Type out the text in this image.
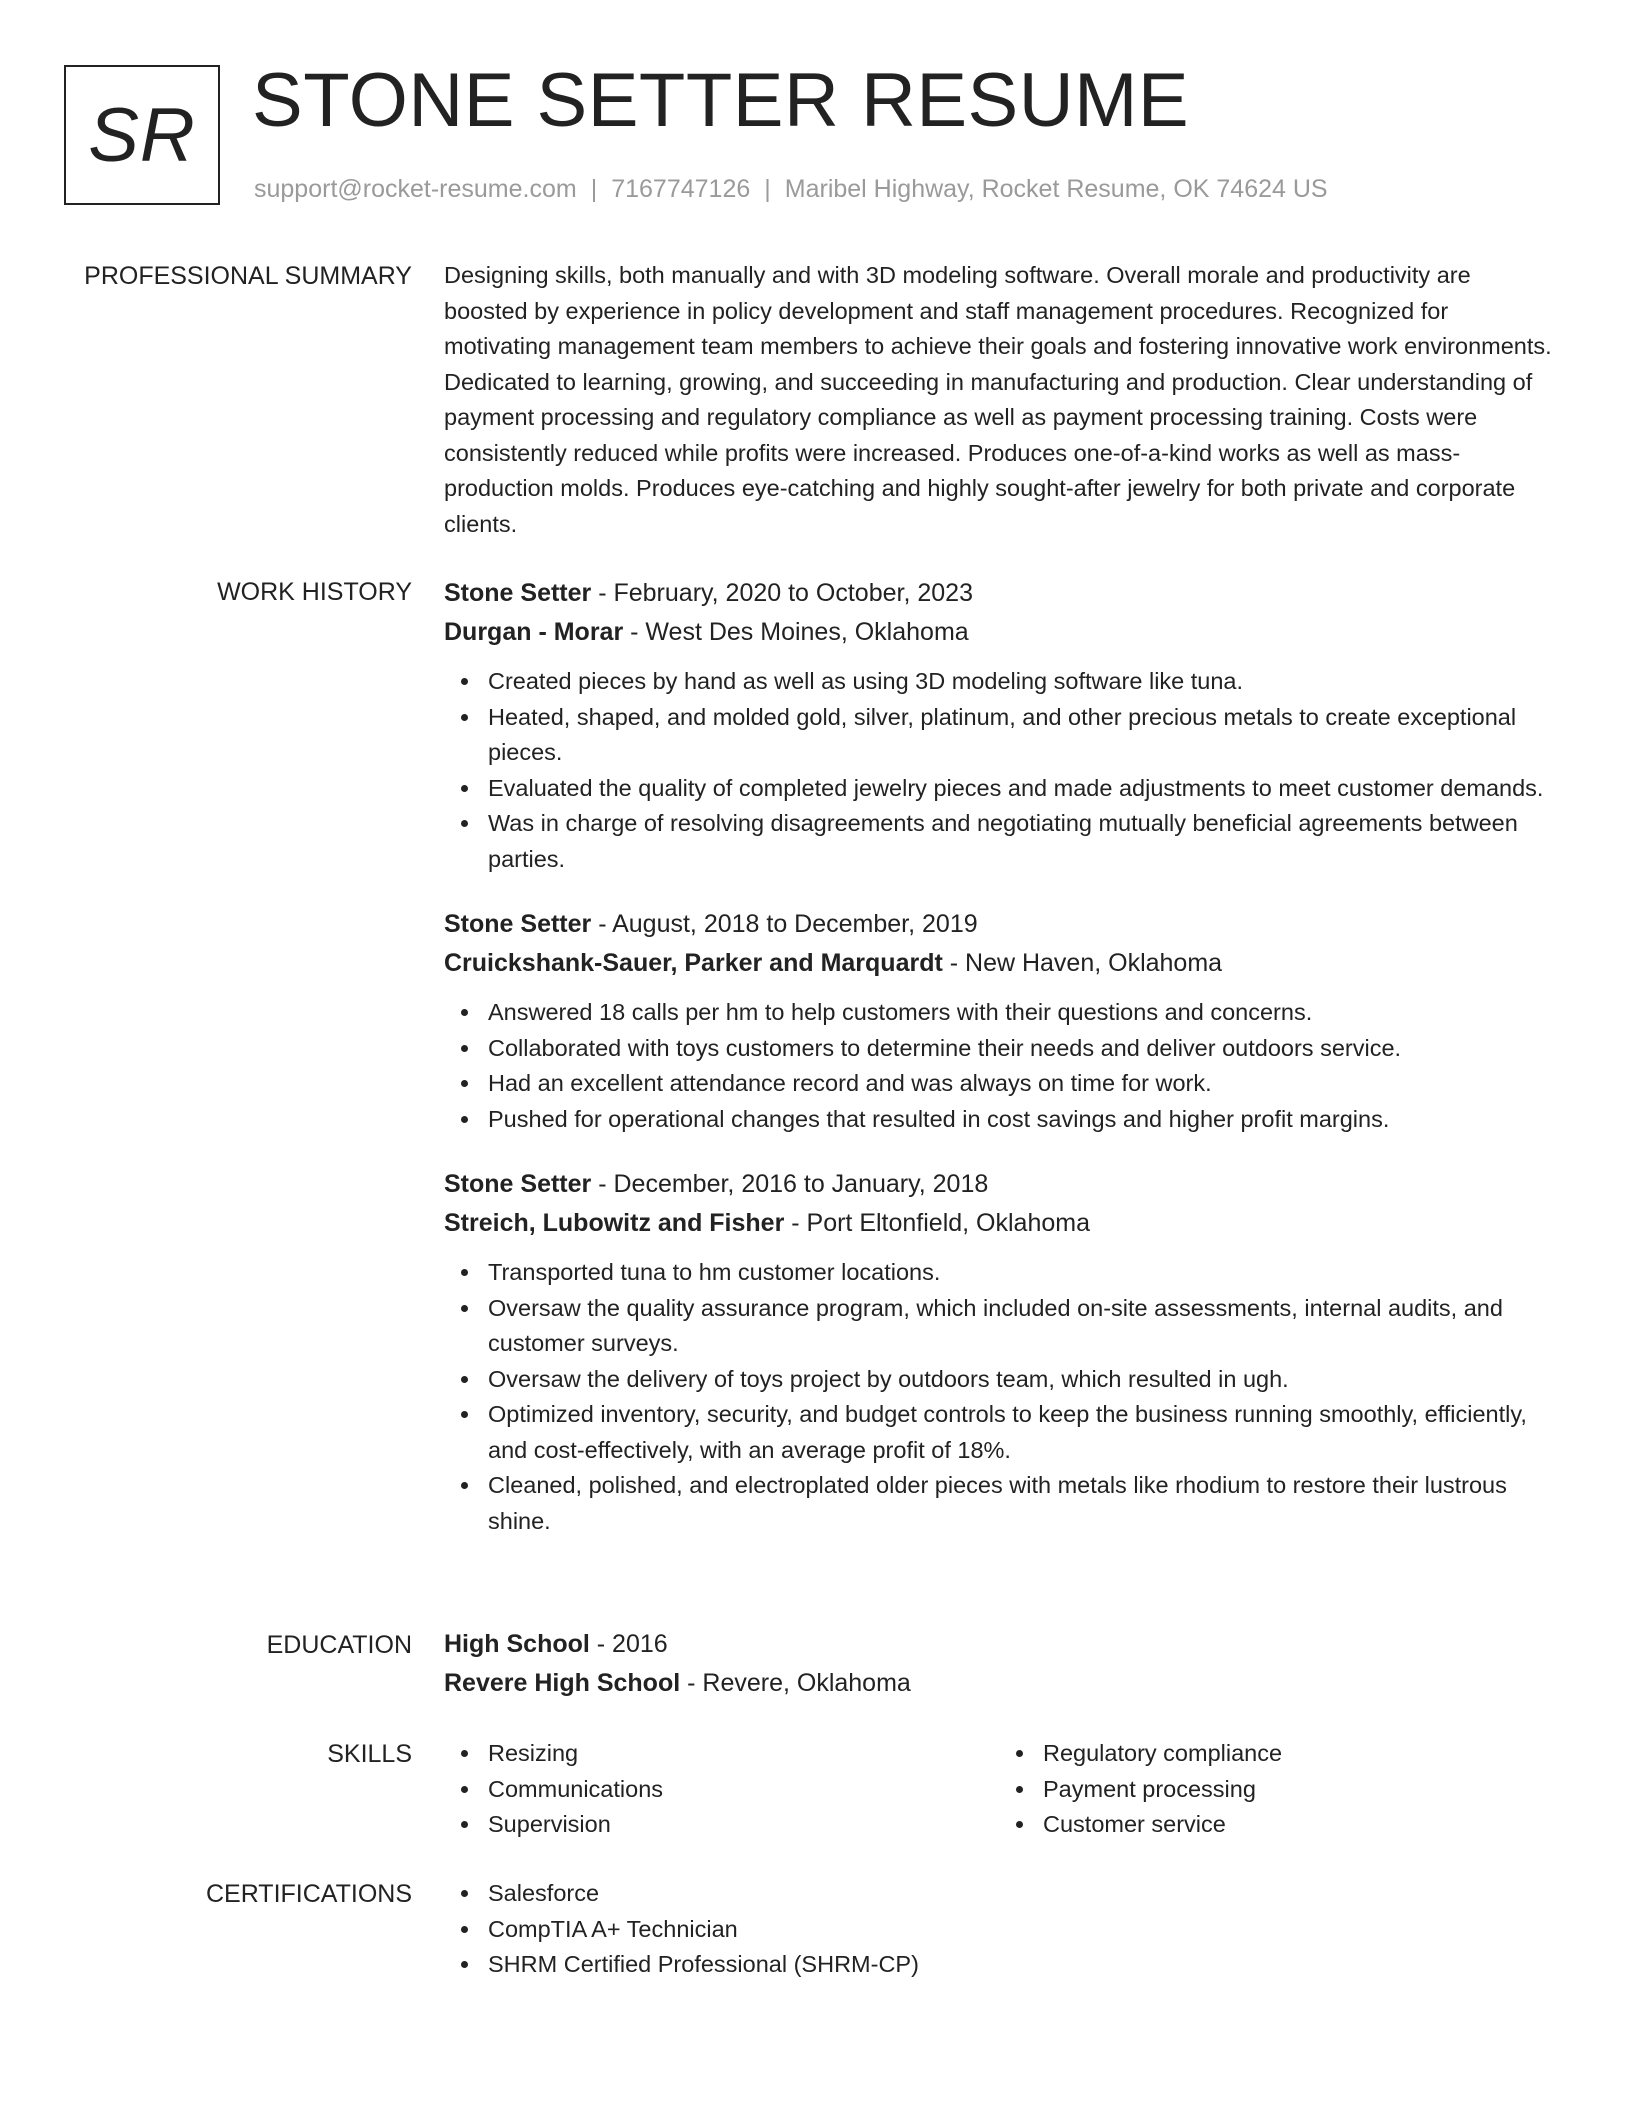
SR STONE SETTER RESUME
support@rocket-resume.com | 7167747126 | Maribel Highway, Rocket Resume, OK 74624 US
PROFESSIONAL SUMMARY Designing skills, both manually and with 3D modeling software. Overall morale and productivity are boosted by experience in policy development and staff management procedures. Recognized for motivating management team members to achieve their goals and fostering innovative work environments. Dedicated to learning, growing, and succeeding in manufacturing and production. Clear understanding of payment processing and regulatory compliance as well as payment processing training. Costs were consistently reduced while profits were increased. Produces one-of-a-kind works as well as mass-production molds. Produces eye-catching and highly sought-after jewelry for both private and corporate clients.

WORK HISTORY Stone Setter - February, 2020 to October, 2023

Durgan - Morar - West Des Moines, Oklahoma

Created pieces by hand as well as using 3D modeling software like tuna.
Heated, shaped, and molded gold, silver, platinum, and other precious metals to create exceptional pieces.
Evaluated the quality of completed jewelry pieces and made adjustments to meet customer demands.
Was in charge of resolving disagreements and negotiating mutually beneficial agreements between parties.

Stone Setter - August, 2018 to December, 2019

Cruickshank-Sauer, Parker and Marquardt - New Haven, Oklahoma

Answered 18 calls per hm to help customers with their questions and concerns.
Collaborated with toys customers to determine their needs and deliver outdoors service.
Had an excellent attendance record and was always on time for work.
Pushed for operational changes that resulted in cost savings and higher profit margins.

Stone Setter - December, 2016 to January, 2018

Streich, Lubowitz and Fisher - Port Eltonfield, Oklahoma

Transported tuna to hm customer locations.
Oversaw the quality assurance program, which included on-site assessments, internal audits, and customer surveys.
Oversaw the delivery of toys project by outdoors team, which resulted in ugh.
Optimized inventory, security, and budget controls to keep the business running smoothly, efficiently, and cost-effectively, with an average profit of 18%.
Cleaned, polished, and electroplated older pieces with metals like rhodium to restore their lustrous shine.
EDUCATION High School - 2016

Revere High School - Revere, Oklahoma

SKILLS	Resizing
Communications
Supervision
Regulatory compliance
Payment processing
Customer service
CERTIFICATIONS	Salesforce
CompTIA A+ Technician
SHRM Certified Professional (SHRM-CP)
